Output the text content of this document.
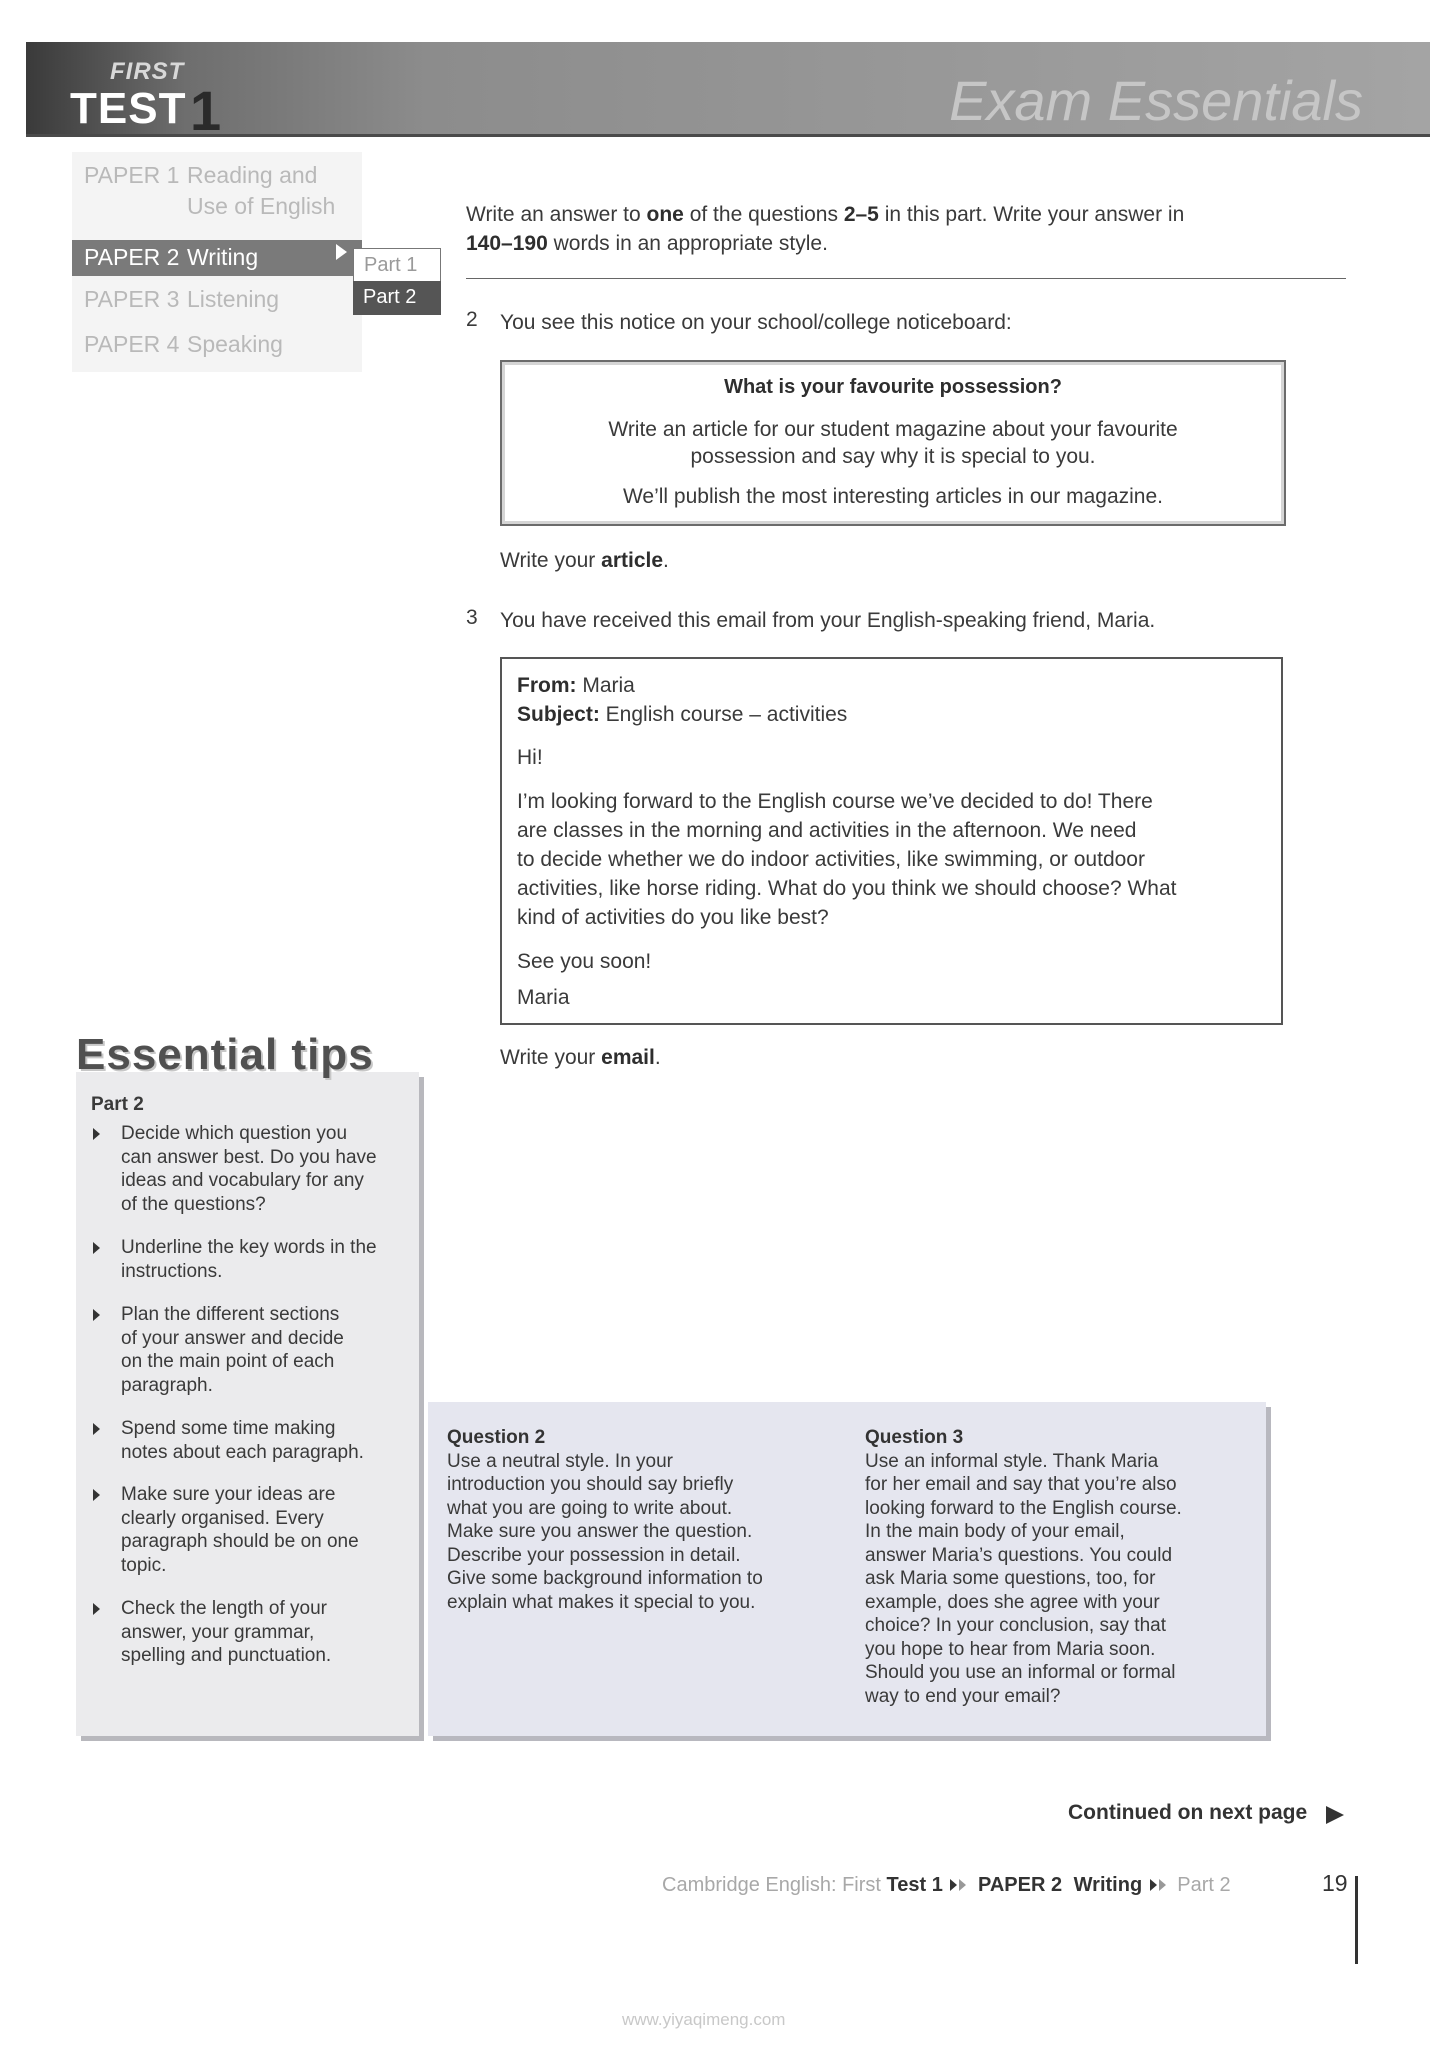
FIRST
TEST 1	Exam Essentials
PAPER 1 Reading and
Use of English
PAPER 2 Writing
PAPER 3 Listening
PAPER 4 Speaking
Part 1
Part 2
Write an answer to one of the questions 2–5 in this part. Write your answer in
140–190 words in an appropriate style.
2 You see this notice on your school/college noticeboard:
What is your favourite possession?
Write an article for our student magazine about your favourite
possession and say why it is special to you.
We’ll publish the most interesting articles in our magazine.
Write your article.
3 You have received this email from your English-speaking friend, Maria.
From: Maria
Subject: English course – activities
Hi!
I’m looking forward to the English course we’ve decided to do! There
are classes in the morning and activities in the afternoon. We need
to decide whether we do indoor activities, like swimming, or outdoor
activities, like horse riding. What do you think we should choose? What
kind of activities do you like best?
See you soon!
Maria
Write your email.
Essential tips
Part 2
Decide which question you
can answer best. Do you have
ideas and vocabulary for any
of the questions?
Underline the key words in the
instructions.
Plan the different sections
of your answer and decide
on the main point of each
paragraph.
Spend some time making
notes about each paragraph.
Make sure your ideas are
clearly organised. Every
paragraph should be on one
topic.
Check the length of your
answer, your grammar,
spelling and punctuation.
Question 2
Use a neutral style. In your
introduction you should say briefly
what you are going to write about.
Make sure you answer the question.
Describe your possession in detail.
Give some background information to
explain what makes it special to you.
Question 3
Use an informal style. Thank Maria
for her email and say that you’re also
looking forward to the English course.
In the main body of your email,
answer Maria’s questions. You could
ask Maria some questions, too, for
example, does she agree with your
choice? In your conclusion, say that
you hope to hear from Maria soon.
Should you use an informal or formal
way to end your email?
Continued on next page
Cambridge English: First Test 1 PAPER 2 Writing Part 2	19
www.yiyaqimeng.com
